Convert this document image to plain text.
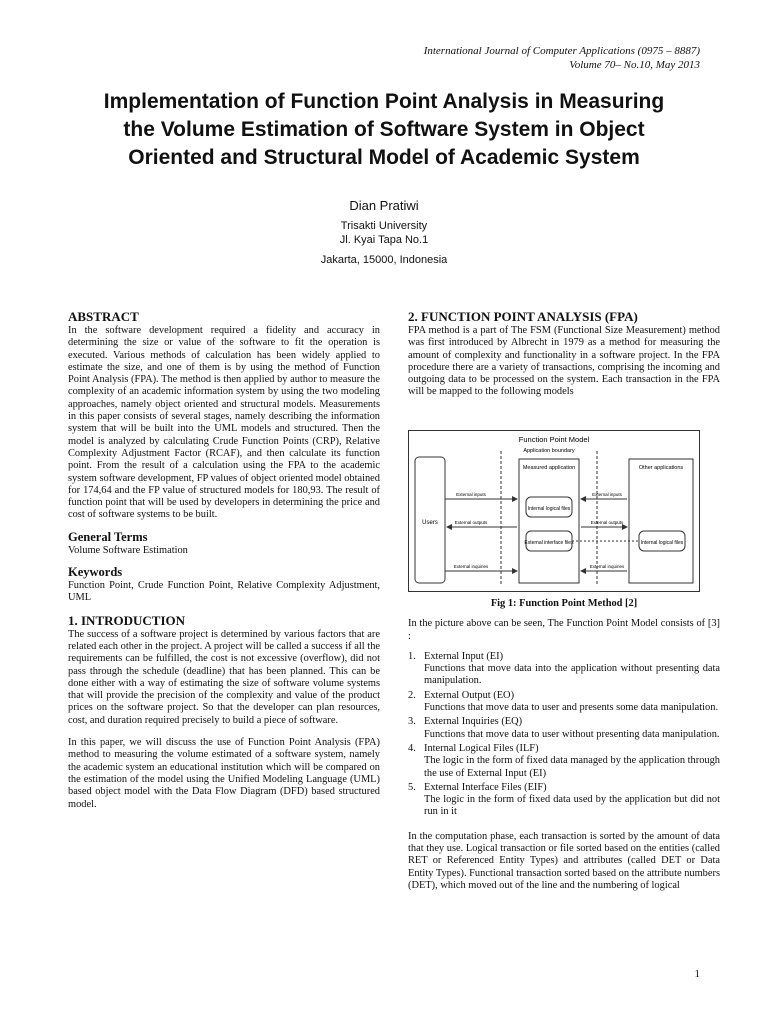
International Journal of Computer Applications (0975 – 8887)
Volume 70– No.10, May 2013
Implementation of Function Point Analysis in Measuring
the Volume Estimation of Software System in Object
Oriented and Structural Model of Academic System
Dian Pratiwi
Trisakti University
Jl. Kyai Tapa No.1
Jakarta, 15000, Indonesia
ABSTRACT

In the software development required a fidelity and accuracy in determining the size or value of the software to fit the operation is executed. Various methods of calculation has been widely applied to estimate the size, and one of them is by using the method of Function Point Analysis (FPA). The method is then applied by author to measure the complexity of an academic information system by using the two modeling approaches, namely object oriented and structural models. Measurements in this paper consists of several stages, namely describing the information system that will be built into the UML models and structured. Then the model is analyzed by calculating Crude Function Points (CRP), Relative Complexity Adjustment Factor (RCAF), and then calculate its function point. From the result of a calculation using the FPA to the academic system software development, FP values of object oriented model obtained for 174,64 and the FP value of structured models for 180,93. The result of function point that will be used by developers in determining the price and cost of software systems to be built.

General Terms

Volume Software Estimation

Keywords

Function Point, Crude Function Point, Relative Complexity Adjustment, UML

1. INTRODUCTION

The success of a software project is determined by various factors that are related each other in the project. A project will be called a success if all the requirements can be fulfilled, the cost is not excessive (overflow), did not pass through the schedule (deadline) that has been planned. This can be done either with a way of estimating the size of software volume systems that will provide the precision of the complexity and value of the product prices on the software project. So that the developer can plan resources, cost, and duration required precisely to build a piece of software.

In this paper, we will discuss the use of Function Point Analysis (FPA) method to measuring the volume estimated of a software system, namely the academic system an educational institution which will be compared on the estimation of the model using the Unified Modeling Language (UML) based object model with the Data Flow Diagram (DFD) based structured model.

2. FUNCTION POINT ANALYSIS (FPA)

FPA method is a part of The FSM (Functional Size Measurement) method was first introduced by Albrecht in 1979 as a method for measuring the amount of complexity and functionality in a software project. In the FPA procedure there are a variety of transactions, comprising the incoming and outgoing data to be processed on the system. Each transaction in the FPA will be mapped to the following models

Function Point Model
Application boundary
Users
Measured application	Other applications
Internal logical files
External interface files	Internal logical files
External inputs
External outputs
External inquiries
External inputs
External outputs
External inquiries
Fig 1: Function Point Method [2]

In the picture above can be seen, The Function Point Model consists of [3] :

1. External Input (EI)

Functions that move data into the application without presenting data manipulation.

2. External Output (EO)

Functions that move data to user and presents some data manipulation.

3. External Inquiries (EQ)

Functions that move data to user without presenting data manipulation.

4. Internal Logical Files (ILF)

The logic in the form of fixed data managed by the application through the use of External Input (EI)

5. External Interface Files (EIF)

The logic in the form of fixed data used by the application but did not run in it

In the computation phase, each transaction is sorted by the amount of data that they use. Logical transaction or file sorted based on the entities (called RET or Referenced Entity Types) and attributes (called DET or Data Entity Types). Functional transaction sorted based on the attribute numbers (DET), which moved out of the line and the numbering of logical

1
